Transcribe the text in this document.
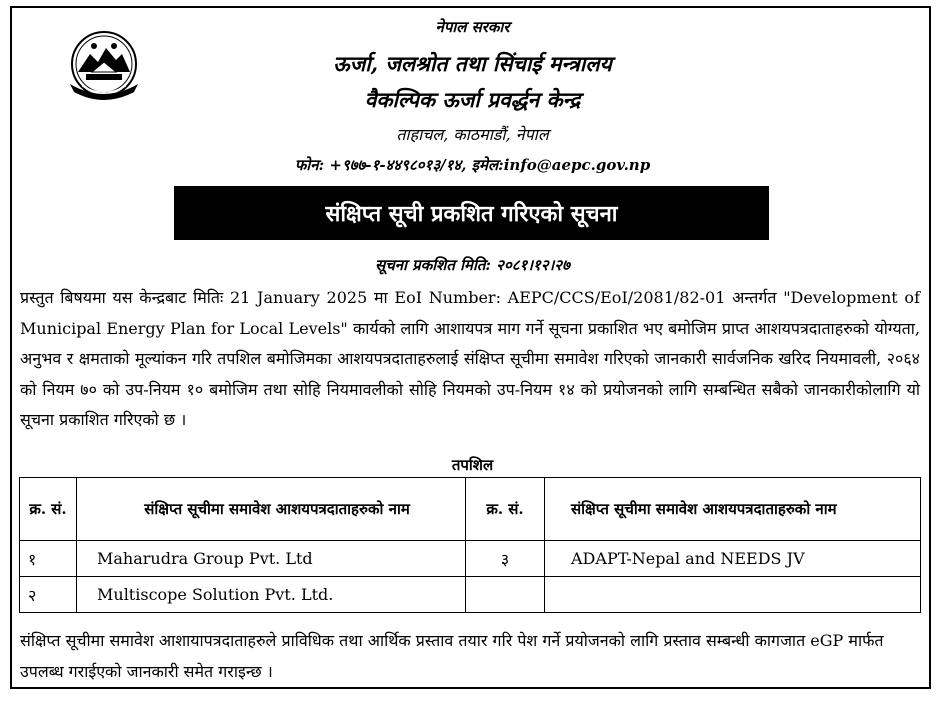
नेपाल सरकार
ऊर्जा, जलश्रोत तथा सिंचाई मन्त्रालय
वैकल्पिक ऊर्जा प्रवर्द्धन केन्द्र
ताहाचल, काठमाडौं, नेपाल
फोन: +९७७-१-४४९८०१३/१४, इमेल:info@aepc.gov.np
संक्षिप्त सूची प्रकशित गरिएको सूचना
सूचना प्रकशित मिति: २०८१।१२।२७
प्रस्तुत बिषयमा यस केन्द्रबाट मितिः 21 January 2025 मा EoI Number: AEPC/CCS/EoI/2081/82-01 अन्तर्गत "Development of Municipal Energy Plan for Local Levels" कार्यको लागि आशायपत्र माग गर्ने सूचना प्रकाशित भए बमोजिम प्राप्त आशयपत्रदाताहरुको योग्यता, अनुभव र क्षमताको मूल्यांकन गरि तपशिल बमोजिमका आशयपत्रदाताहरुलाई संक्षिप्त सूचीमा समावेश गरिएको जानकारी सार्वजनिक खरिद नियमावली, २०६४ को नियम ७० को उप-नियम १० बमोजिम तथा सोहि नियमावलीको सोहि नियमको उप-नियम १४ को प्रयोजनको लागि सम्बन्धित सबैको जानकारीकोलागि यो सूचना प्रकाशित गरिएको छ ।
तपशिल
क्र. सं.	संक्षिप्त सूचीमा समावेश आशयपत्रदाताहरुको नाम	क्र. सं.	संक्षिप्त सूचीमा समावेश आशयपत्रदाताहरुको नाम
१	Maharudra Group Pvt. Ltd	३	ADAPT-Nepal and NEEDS JV
२	Multiscope Solution Pvt. Ltd.		
संक्षिप्त सूचीमा समावेश आशायापत्रदाताहरुले प्राविधिक तथा आर्थिक प्रस्ताव तयार गरि पेश गर्ने प्रयोजनको लागि प्रस्ताव सम्बन्धी कागजात eGP मार्फत उपलब्ध गराईएको जानकारी समेत गराइन्छ ।
